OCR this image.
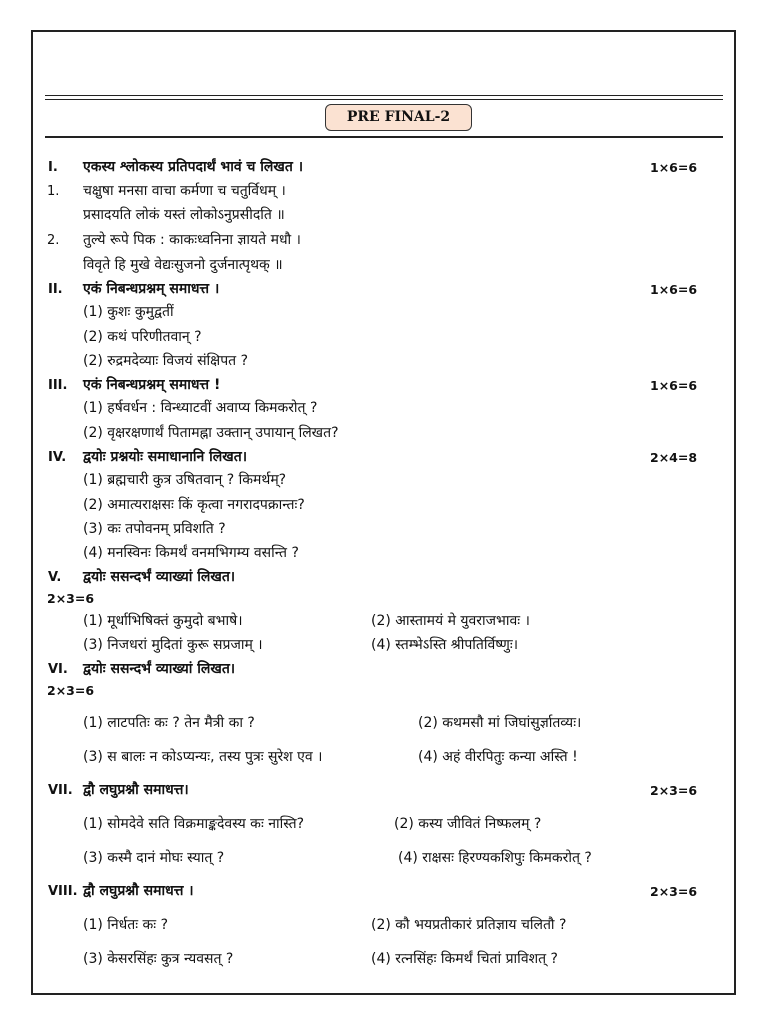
PRE FINAL-2
I. एकस्य श्लोकस्य प्रतिपदार्थं भावं च लिखत ।	1×6=6
1. चक्षुषा मनसा वाचा कर्मणा च चतुर्विधम् ।
प्रसादयति लोकं यस्तं लोकोऽनुप्रसीदति ॥
2. तुल्ये रूपे पिक : काकःध्वनिना ज्ञायते मधौ ।
विवृते हि मुखे वेद्यःसुजनो दुर्जनात्पृथक् ॥
II. एकं निबन्धप्रश्नम् समाधत्त ।	1×6=6
(1) कुशः कुमुद्वतीं
(2) कथं परिणीतवान् ?
(2) रुद्रमदेव्याः विजयं संक्षिपत ?
III. एकं निबन्धप्रश्नम् समाधत्त !	1×6=6
(1) हर्षवर्धन : विन्ध्याटवीं अवाप्य किमकरोत् ?
(2) वृक्षरक्षणार्थं पितामह्ना उक्तान् उपायान् लिखत?
IV. द्वयोः प्रश्नयोः समाधानानि लिखत।	2×4=8
(1) ब्रह्मचारी कुत्र उषितवान् ? किमर्थम्?
(2) अमात्यराक्षसः किं कृत्वा नगरादपक्रान्तः?
(3) कः तपोवनम् प्रविशति ?
(4) मनस्विनः किमर्थं वनमभिगम्य वसन्ति ?
V. द्वयोः ससन्दर्भं व्याख्यां लिखत।
2×3=6
(1) मूर्धाभिषिक्तं कुमुदो बभाषे।	(2) आस्तामयं मे युवराजभावः ।
(3) निजधरां मुदितां कुरू सप्रजाम् ।	(4) स्तम्भेऽस्ति श्रीपतिर्विष्णुः।
VI. द्वयोः ससन्दर्भं व्याख्यां लिखत।
2×3=6
(1) लाटपतिः कः ? तेन मैत्री का ?	(2) कथमसौ मां जिघांसुर्ज्ञातव्यः।
(3) स बालः न कोऽप्यन्यः, तस्य पुत्रः सुरेश एव ।	(4) अहं वीरपितुः कन्या अस्ति !
VII. द्वौ लघुप्रश्नौ समाधत्त।	2×3=6
(1) सोमदेवे सति विक्रमाङ्कदेवस्य कः नास्ति?	(2) कस्य जीवितं निष्फलम् ?
(3) कस्मै दानं मोघः स्यात् ?	(4) राक्षसः हिरण्यकशिपुः किमकरोत् ?
VIII. द्वौ लघुप्रश्नौ समाधत्त ।	2×3=6
(1) निर्धतः कः ?	(2) कौ भयप्रतीकारं प्रतिज्ञाय चलितौ ?
(3) केसरसिंहः कुत्र न्यवसत् ?	(4) रत्नसिंहः किमर्थं चितां प्राविशत् ?
